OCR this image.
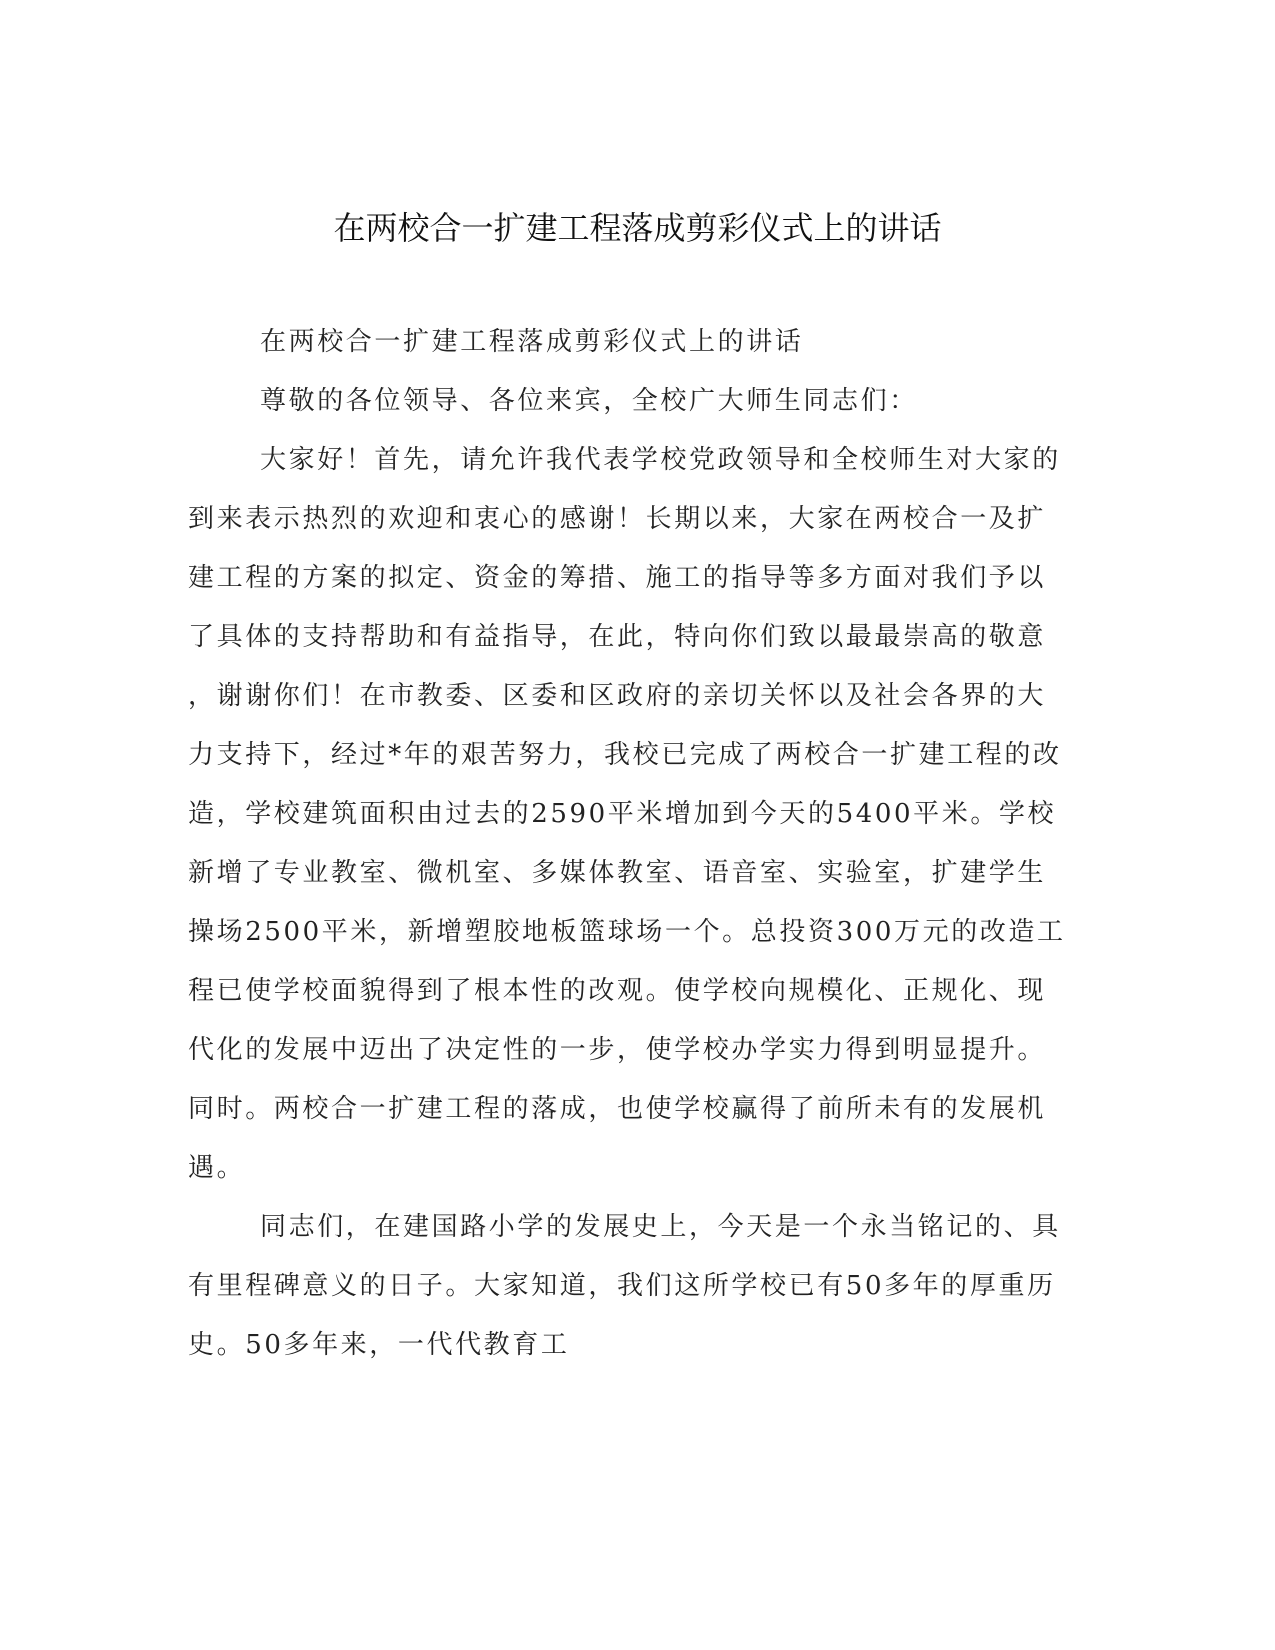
在两校合一扩建工程落成剪彩仪式上的讲话
在两校合一扩建工程落成剪彩仪式上的讲话
尊敬的各位领导、各位来宾，全校广大师生同志们：
大家好！首先，请允许我代表学校党政领导和全校师生对大家的
到来表示热烈的欢迎和衷心的感谢！长期以来，大家在两校合一及扩
建工程的方案的拟定、资金的筹措、施工的指导等多方面对我们予以
了具体的支持帮助和有益指导，在此，特向你们致以最最崇高的敬意
，谢谢你们！在市教委、区委和区政府的亲切关怀以及社会各界的大
力支持下，经过*年的艰苦努力，我校已完成了两校合一扩建工程的改
造，学校建筑面积由过去的2590平米增加到今天的5400平米。学校
新增了专业教室、微机室、多媒体教室、语音室、实验室，扩建学生
操场2500平米，新增塑胶地板篮球场一个。总投资300万元的改造工
程已使学校面貌得到了根本性的改观。使学校向规模化、正规化、现
代化的发展中迈出了决定性的一步，使学校办学实力得到明显提升。
同时。两校合一扩建工程的落成，也使学校赢得了前所未有的发展机
遇。
同志们，在建国路小学的发展史上，今天是一个永当铭记的、具
有里程碑意义的日子。大家知道，我们这所学校已有50多年的厚重历
史。50多年来，一代代教育工
